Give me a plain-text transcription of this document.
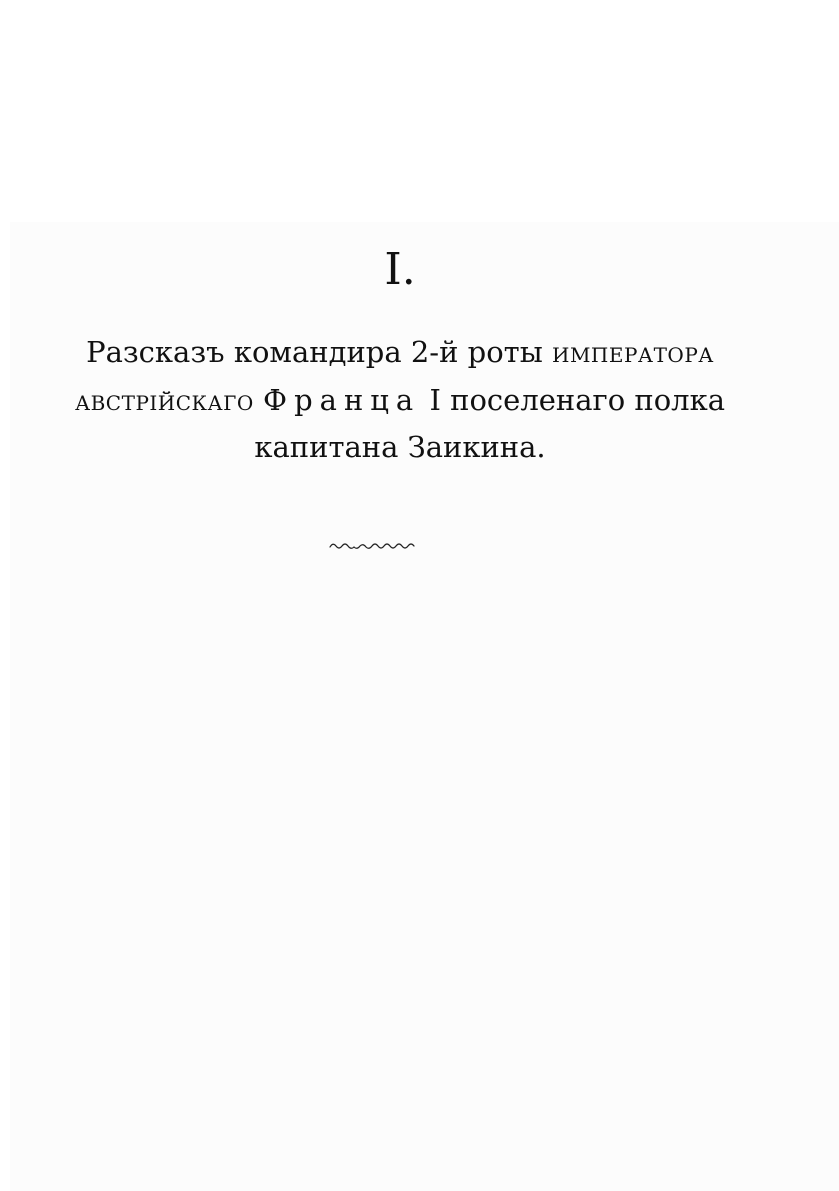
I.
Разсказъ командира 2-й роты императора
австрійскаго Франца I поселенаго полка
капитана Заикина.
